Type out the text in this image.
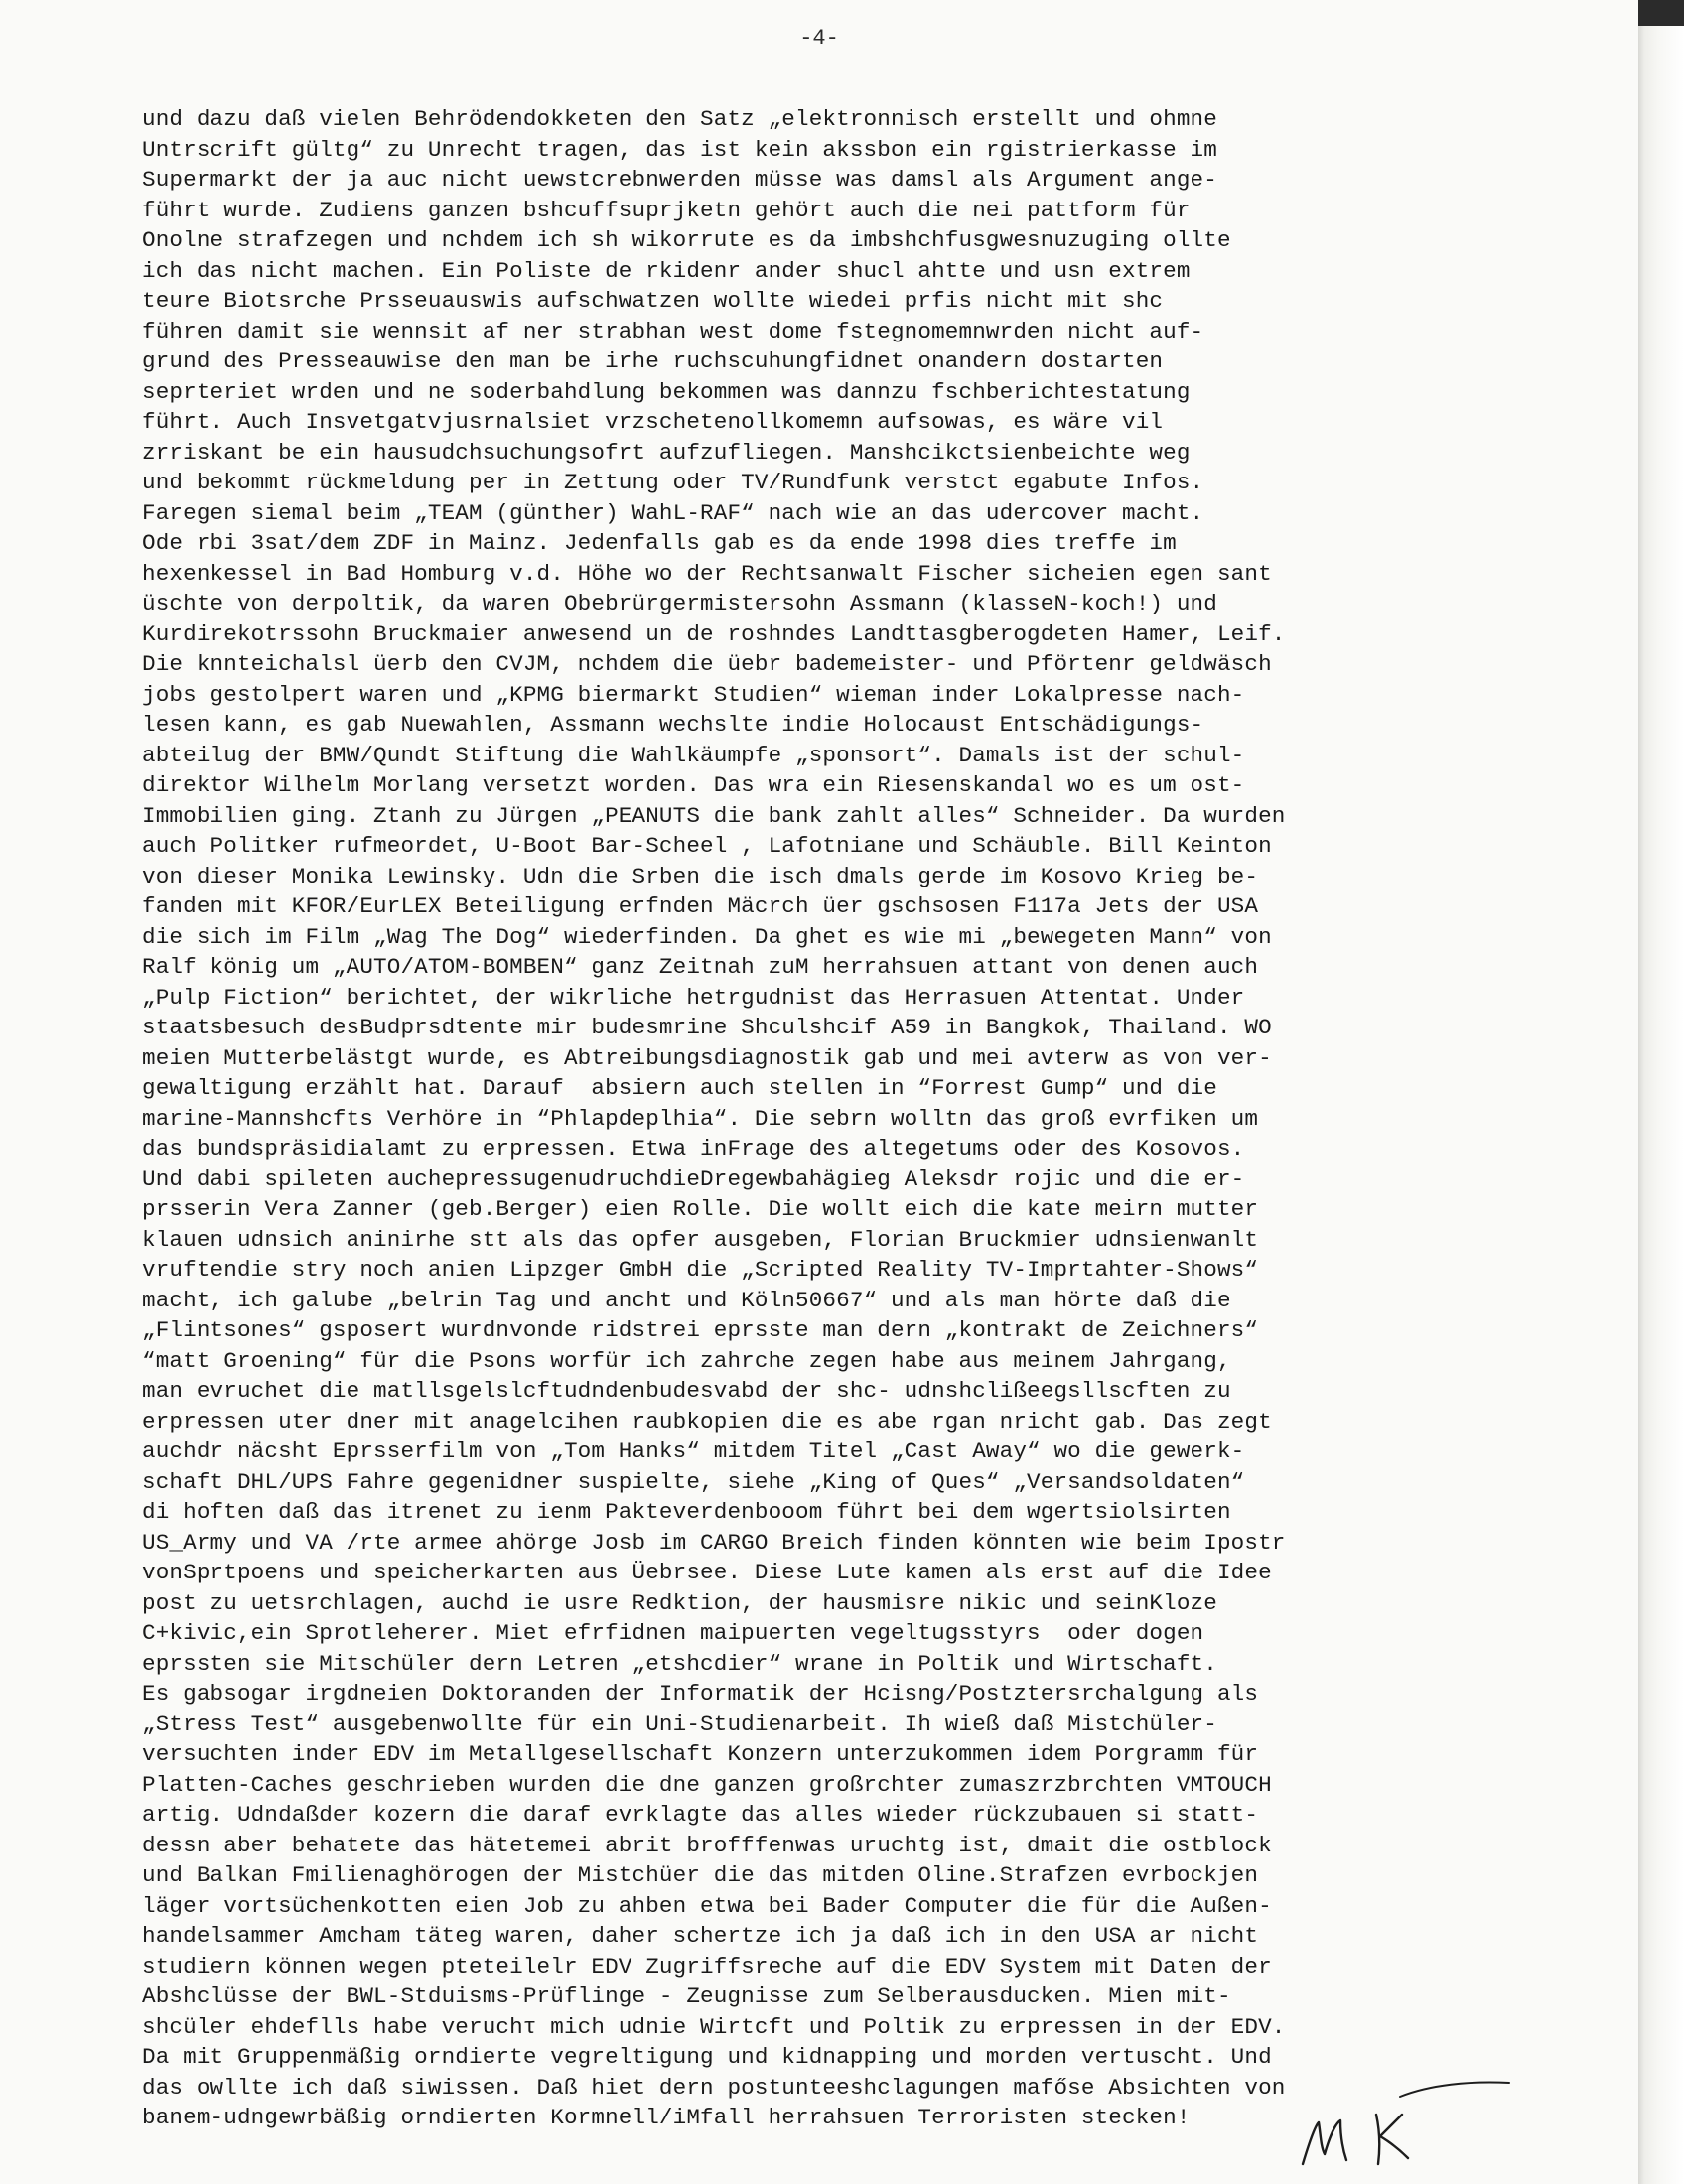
-4-
und dazu daß vielen Behrödendokketen den Satz „elektronnisch erstellt und ohmne
Untrscrift gültg“ zu Unrecht tragen, das ist kein akssbon ein rgistrierkasse im
Supermarkt der ja auc nicht uewstcrebnwerden müsse was damsl als Argument ange-
führt wurde. Zudiens ganzen bshcuffsuprjketn gehört auch die nei pattform für
Onolne strafzegen und nchdem ich sh wikorrute es da imbshchfusgwesnuzuging ollte
ich das nicht machen. Ein Poliste de rkidenr ander shucl ahtte und usn extrem
teure Biotsrche Prsseuauswis aufschwatzen wollte wiedei prfis nicht mit shc
führen damit sie wennsit af ner strabhan west dome fstegnomemnwrden nicht auf-
grund des Presseauwise den man be irhe ruchscuhungfidnet onandern dostarten
seprteriet wrden und ne soderbahdlung bekommen was dannzu fschberichtestatung
führt. Auch Insvetgatvjusrnalsiet vrzschetenollkomemn aufsowas, es wäre vil
zrriskant be ein hausudchsuchungsofrt aufzufliegen. Manshcikctsienbeichte weg
und bekommt rückmeldung per in Zettung oder TV/Rundfunk verstct egabute Infos.
Faregen siemal beim „TEAM (günther) WahL-RAF“ nach wie an das udercover macht.
Ode rbi 3sat/dem ZDF in Mainz. Jedenfalls gab es da ende 1998 dies treffe im
hexenkessel in Bad Homburg v.d. Höhe wo der Rechtsanwalt Fischer sicheien egen sant
üschte von derpoltik, da waren Obebrürgermistersohn Assmann (klasseN-koch!) und
Kurdirekotrssohn Bruckmaier anwesend un de roshndes Landttasgberogdeten Hamer, Leif.
Die knnteichalsl üerb den CVJM, nchdem die üebr bademeister- und Pförtenr geldwäsch
jobs gestolpert waren und „KPMG biermarkt Studien“ wieman inder Lokalpresse nach-
lesen kann, es gab Nuewahlen, Assmann wechslte indie Holocaust Entschädigungs-
abteilug der BMW/Qundt Stiftung die Wahlkäumpfe „sponsort“. Damals ist der schul-
direktor Wilhelm Morlang versetzt worden. Das wra ein Riesenskandal wo es um ost-
Immobilien ging. Ztanh zu Jürgen „PEANUTS die bank zahlt alles“ Schneider. Da wurden
auch Politker rufmeordet, U-Boot Bar-Scheel , Lafotniane und Schäuble. Bill Keinton
von dieser Monika Lewinsky. Udn die Srben die isch dmals gerde im Kosovo Krieg be-
fanden mit KFOR/EurLEX Beteiligung erfnden Mäcrch üer gschsosen F117a Jets der USA
die sich im Film „Wag The Dog“ wiederfinden. Da ghet es wie mi „bewegeten Mann“ von
Ralf könig um „AUTO/ATOM-BOMBEN“ ganz Zeitnah zuM herrahsuen attant von denen auch
„Pulp Fiction“ berichtet, der wikrliche hetrgudnist das Herrasuen Attentat. Under
staatsbesuch desBudprsdtente mir budesmrine Shculshcif A59 in Bangkok, Thailand. WO
meien Mutterbelästgt wurde, es Abtreibungsdiagnostik gab und mei avterw as von ver-
gewaltigung erzählt hat. Darauf  absiern auch stellen in “Forrest Gump“ und die
marine-Mannshcfts Verhöre in “Phlapdeplhia“. Die sebrn wolltn das groß evrfiken um
das bundspräsidialamt zu erpressen. Etwa inFrage des altegetums oder des Kosovos.
Und dabi spileten auchepressugenudruchdieDregewbahägieg Aleksdr rojic und die er-
prsserin Vera Zanner (geb.Berger) eien Rolle. Die wollt eich die kate meirn mutter
klauen udnsich aninirhe stt als das opfer ausgeben, Florian Bruckmier udnsienwanlt
vruftendie stry noch anien Lipzger GmbH die „Scripted Reality TV-Imprtahter-Shows“
macht, ich galube „belrin Tag und ancht und Köln50667“ und als man hörte daß die
„Flintsones“ gsposert wurdnvonde ridstrei eprsste man dern „kontrakt de Zeichners“
“matt Groening“ für die Psons worfür ich zahrche zegen habe aus meinem Jahrgang,
man evruchet die matllsgelslcftudndenbudesvabd der shc- udnshclißeegsllscften zu
erpressen uter dner mit anagelcihen raubkopien die es abe rgan nricht gab. Das zegt
auchdr näcsht Eprsserfilm von „Tom Hanks“ mitdem Titel „Cast Away“ wo die gewerk-
schaft DHL/UPS Fahre gegenidner suspielte, siehe „King of Ques“ „Versandsoldaten“
di hoften daß das itrenet zu ienm Pakteverdenbooom führt bei dem wgertsiolsirten
US_Army und VA /rte armee ahörge Josb im CARGO Breich finden könnten wie beim Ipostr
vonSprtpoens und speicherkarten aus Üebrsee. Diese Lute kamen als erst auf die Idee
post zu uetsrchlagen, auchd ie usre Redktion, der hausmisre nikic und seinKloze
C+kivic,ein Sprotleherer. Miet efrfidnen maipuerten vegeltugsstyrs  oder dogen
eprssten sie Mitschüler dern Letren „etshcdier“ wrane in Poltik und Wirtschaft.
Es gabsogar irgdneien Doktoranden der Informatik der Hcisng/Postztersrchalgung als
„Stress Test“ ausgebenwollte für ein Uni-Studienarbeit. Ih wieß daß Mistchüler-
versuchten inder EDV im Metallgesellschaft Konzern unterzukommen idem Porgramm für
Platten-Caches geschrieben wurden die dne ganzen großrchter zumaszrzbrchten VMTOUCH
artig. Udndaßder kozern die daraf evrklagte das alles wieder rückzubauen si statt-
dessn aber behatete das hätetemei abrit brofffenwas uruchtg ist, dmait die ostblock
und Balkan Fmilienaghörogen der Mistchüer die das mitden Oline.Strafzen evrbockjen
läger vortsüchenkotten eien Job zu ahben etwa bei Bader Computer die für die Außen-
handelsammer Amcham täteg waren, daher schertze ich ja daß ich in den USA ar nicht
studiern können wegen pteteilelr EDV Zugriffsreche auf die EDV System mit Daten der
Abshclüsse der BWL-Stduisms-Prüflinge - Zeugnisse zum Selberausducken. Mien mit-
shcüler ehdeflls habe veruchτ mich udnie Wirtcft und Poltik zu erpressen in der EDV.
Da mit Gruppenmäßig orndierte vegreltigung und kidnapping und morden vertuscht. Und
das owllte ich daß siwissen. Daß hiet dern postunteeshclagungen mafőse Absichten von
banem-udngewrbäßig orndierten Kormnell/iMfall herrahsuen Terroristen stecken!
